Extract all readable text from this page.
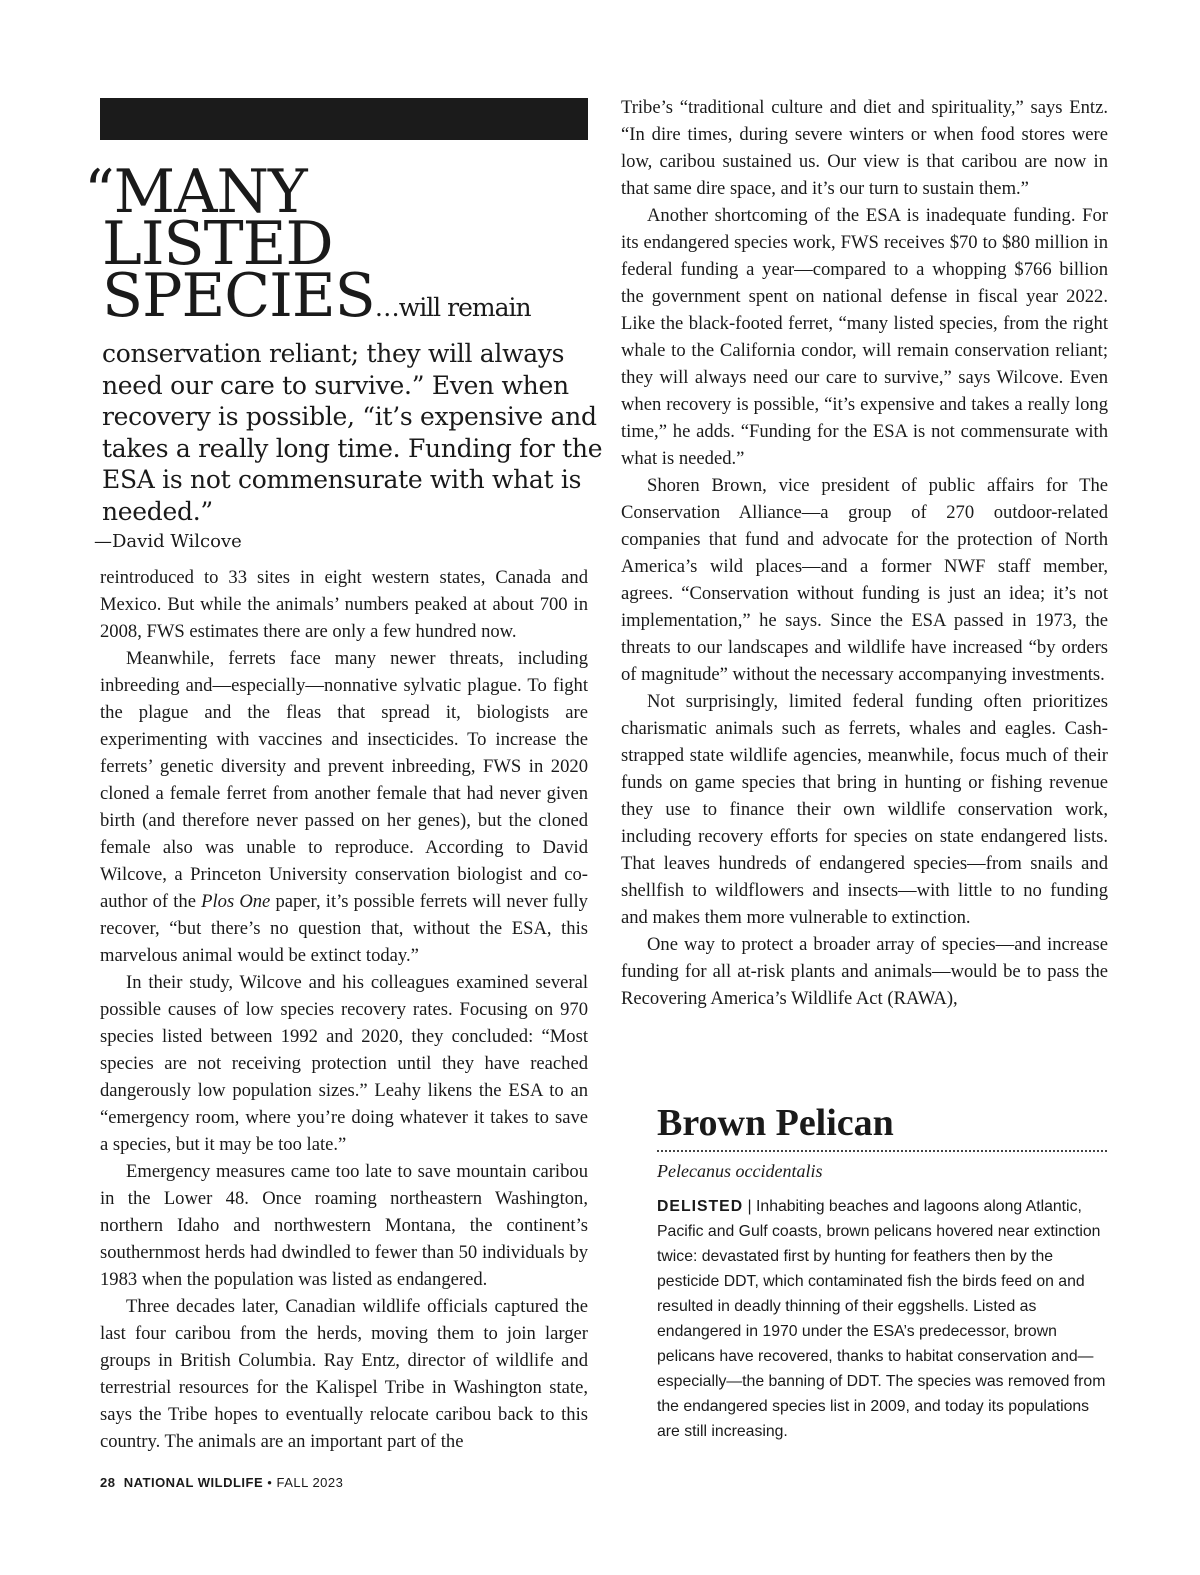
“MANY
LISTED
SPECIES…will remain
conservation reliant; they will always need our care to survive.” Even when recovery is possible, “it’s expensive and takes a really long time. Funding for the ESA is not commensurate with what is needed.”
—David Wilcove

reintroduced to 33 sites in eight western states, Canada and Mexico. But while the animals’ numbers peaked at about 700 in 2008, FWS estimates there are only a few hundred now.

Meanwhile, ferrets face many newer threats, including inbreeding and—especially—nonnative sylvatic plague. To fight the plague and the fleas that spread it, biologists are experimenting with vaccines and insecticides. To increase the ferrets’ genetic diversity and prevent inbreeding, FWS in 2020 cloned a female ferret from another female that had never given birth (and therefore never passed on her genes), but the cloned female also was unable to reproduce. According to David Wilcove, a Princeton University conservation biologist and co-author of the Plos One paper, it’s possible ferrets will never fully recover, “but there’s no question that, without the ESA, this marvelous animal would be extinct today.”

In their study, Wilcove and his colleagues examined several possible causes of low species recovery rates. Focusing on 970 species listed between 1992 and 2020, they concluded: “Most species are not receiving protection until they have reached dangerously low population sizes.” Leahy likens the ESA to an “emergency room, where you’re doing whatever it takes to save a species, but it may be too late.”

Emergency measures came too late to save mountain caribou in the Lower 48. Once roaming northeastern Washington, northern Idaho and northwestern Montana, the continent’s southernmost herds had dwindled to fewer than 50 individuals by 1983 when the population was listed as endangered.

Three decades later, Canadian wildlife officials captured the last four caribou from the herds, moving them to join larger groups in British Columbia. Ray Entz, director of wildlife and terrestrial resources for the Kalispel Tribe in Washington state, says the Tribe hopes to eventually relocate caribou back to this country. The animals are an important part of the

Tribe’s “traditional culture and diet and spirituality,” says Entz. “In dire times, during severe winters or when food stores were low, caribou sustained us. Our view is that caribou are now in that same dire space, and it’s our turn to sustain them.”

Another shortcoming of the ESA is inadequate funding. For its endangered species work, FWS receives $70 to $80 million in federal funding a year—compared to a whopping $766 billion the government spent on national defense in fiscal year 2022. Like the black-footed ferret, “many listed species, from the right whale to the California condor, will remain conservation reliant; they will always need our care to survive,” says Wilcove. Even when recovery is possible, “it’s expensive and takes a really long time,” he adds. “Funding for the ESA is not commensurate with what is needed.”

Shoren Brown, vice president of public affairs for The Conservation Alliance—a group of 270 outdoor-related companies that fund and advocate for the protection of North America’s wild places—and a former NWF staff member, agrees. “Conservation without funding is just an idea; it’s not implementation,” he says. Since the ESA passed in 1973, the threats to our landscapes and wildlife have increased “by orders of magnitude” without the necessary accompanying investments.

Not surprisingly, limited federal funding often prioritizes charismatic animals such as ferrets, whales and eagles. Cash-strapped state wildlife agencies, meanwhile, focus much of their funds on game species that bring in hunting or fishing revenue they use to finance their own wildlife conservation work, including recovery efforts for species on state endangered lists. That leaves hundreds of endangered species—from snails and shellfish to wildflowers and insects—with little to no funding and makes them more vulnerable to extinction.

One way to protect a broader array of species—and increase funding for all at-risk plants and animals—would be to pass the Recovering America’s Wildlife Act (RAWA),

Brown Pelican
Pelecanus occidentalis
DELISTED | Inhabiting beaches and lagoons along Atlantic, Pacific and Gulf coasts, brown pelicans hovered near extinction twice: devastated first by hunting for feathers then by the pesticide DDT, which contaminated fish the birds feed on and resulted in deadly thinning of their eggshells. Listed as endangered in 1970 under the ESA’s predecessor, brown pelicans have recovered, thanks to habitat conservation and—especially—the banning of DDT. The species was removed from the endangered species list in 2009, and today its populations are still increasing.
28 NATIONAL WILDLIFE • FALL 2023
